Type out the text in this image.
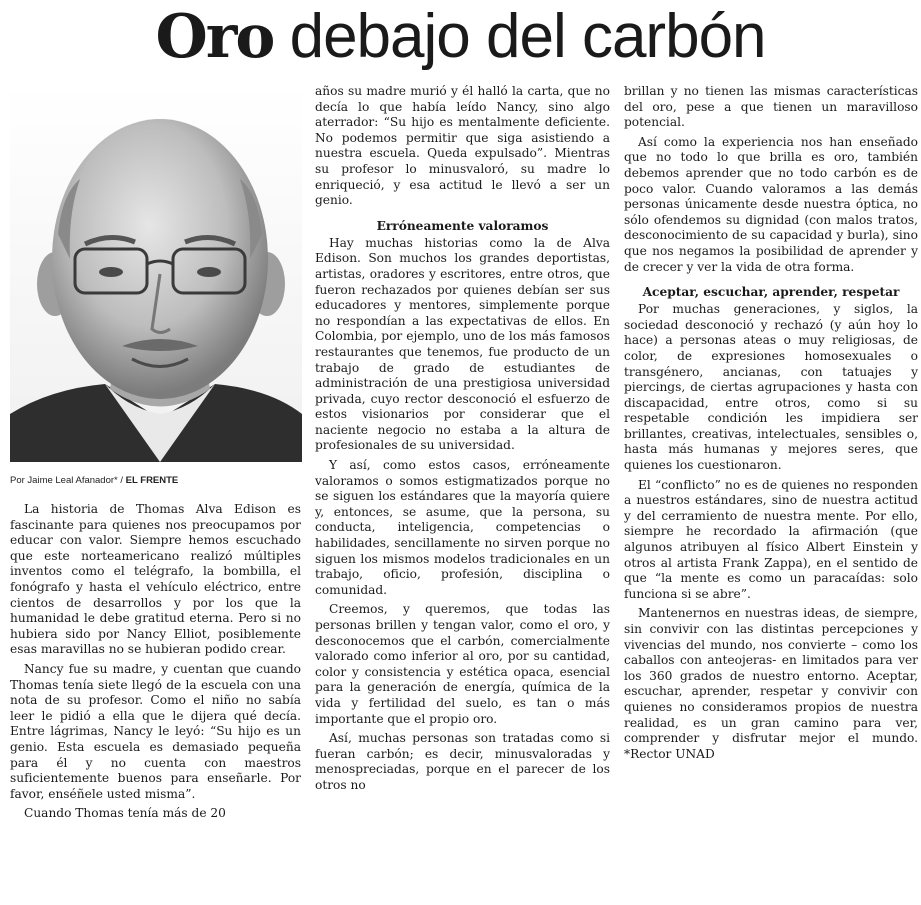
Oro debajo del carbón
Por Jaime Leal Afanador* / EL FRENTE

La historia de Thomas Alva Edison es fascinante para quienes nos preocupamos por educar con valor. Siempre hemos escuchado que este norteamericano realizó múltiples inventos como el telégrafo, la bombilla, el fonógrafo y hasta el vehículo eléctrico, entre cientos de desarrollos y por los que la humanidad le debe gratitud eterna. Pero si no hubiera sido por Nancy Elliot, posiblemente esas maravillas no se hubieran podido crear.

Nancy fue su madre, y cuentan que cuando Thomas tenía siete llegó de la escuela con una nota de su profesor. Como el niño no sabía leer le pidió a ella que le dijera qué decía. Entre lágrimas, Nancy le leyó: “Su hijo es un genio. Esta escuela es demasiado pequeña para él y no cuenta con maestros suficientemente buenos para enseñarle. Por favor, enséñele usted misma”.

Cuando Thomas tenía más de 20

años su madre murió y él halló la carta, que no decía lo que había leído Nancy, sino algo aterrador: “Su hijo es mentalmente deficiente. No podemos permitir que siga asistiendo a nuestra escuela. Queda expulsado”. Mientras su profesor lo minusvaloró, su madre lo enriqueció, y esa actitud le llevó a ser un genio.

Erróneamente valoramos

Hay muchas historias como la de Alva Edison. Son muchos los grandes deportistas, artistas, oradores y escritores, entre otros, que fueron rechazados por quienes debían ser sus educadores y mentores, simplemente porque no respondían a las expectativas de ellos. En Colombia, por ejemplo, uno de los más famosos restaurantes que tenemos, fue producto de un trabajo de grado de estudiantes de administración de una prestigiosa universidad privada, cuyo rector desconoció el esfuerzo de estos visionarios por considerar que el naciente negocio no estaba a la altura de profesionales de su universidad.

Y así, como estos casos, erróneamente valoramos o somos estigmatizados porque no se siguen los estándares que la mayoría quiere y, entonces, se asume, que la persona, su conducta, inteligencia, competencias o habilidades, sencillamente no sirven porque no siguen los mismos modelos tradicionales en un trabajo, oficio, profesión, disciplina o comunidad.

Creemos, y queremos, que todas las personas brillen y tengan valor, como el oro, y desconocemos que el carbón, comercialmente valorado como inferior al oro, por su cantidad, color y consistencia y estética opaca, esencial para la generación de energía, química de la vida y fertilidad del suelo, es tan o más importante que el propio oro.

Así, muchas personas son tratadas como si fueran carbón; es decir, minusvaloradas y menospreciadas, porque en el parecer de los otros no

brillan y no tienen las mismas características del oro, pese a que tienen un maravilloso potencial.

Así como la experiencia nos han enseñado que no todo lo que brilla es oro, también debemos aprender que no todo carbón es de poco valor. Cuando valoramos a las demás personas únicamente desde nuestra óptica, no sólo ofendemos su dignidad (con malos tratos, desconocimiento de su capacidad y burla), sino que nos negamos la posibilidad de aprender y de crecer y ver la vida de otra forma.

Aceptar, escuchar, aprender, respetar

Por muchas generaciones, y siglos, la sociedad desconoció y rechazó (y aún hoy lo hace) a personas ateas o muy religiosas, de color, de expresiones homosexuales o transgénero, ancianas, con tatuajes y piercings, de ciertas agrupaciones y hasta con discapacidad, entre otros, como si su respetable condición les impidiera ser brillantes, creativas, intelectuales, sensibles o, hasta más humanas y mejores seres, que quienes los cuestionaron.

El “conflicto” no es de quienes no responden a nuestros estándares, sino de nuestra actitud y del cerramiento de nuestra mente. Por ello, siempre he recordado la afirmación (que algunos atribuyen al físico Albert Einstein y otros al artista Frank Zappa), en el sentido de que “la mente es como un paracaídas: solo funciona si se abre”.

Mantenernos en nuestras ideas, de siempre, sin convivir con las distintas percepciones y vivencias del mundo, nos convierte – como los caballos con anteojeras- en limitados para ver los 360 grados de nuestro entorno. Aceptar, escuchar, aprender, respetar y convivir con quienes no consideramos propios de nuestra realidad, es un gran camino para ver, comprender y disfrutar mejor el mundo. *Rector UNAD
